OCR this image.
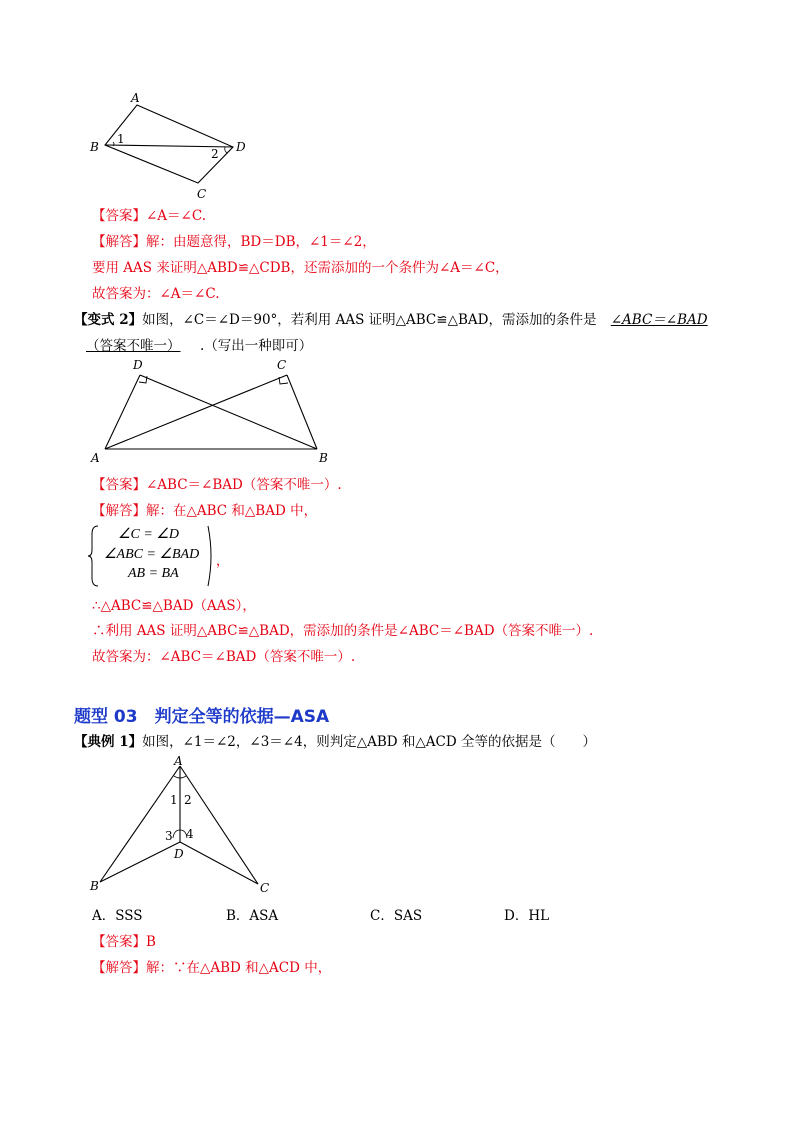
A
B
C
D
1
2
【答案】∠A＝∠C.
【解答】解：由题意得，BD＝DB，∠1＝∠2，
要用 AAS 来证明△ABD≌△CDB，还需添加的一个条件为∠A＝∠C，
故答案为：∠A＝∠C.
【变式 2】如图，∠C＝∠D＝90°，若利用 AAS 证明△ABC≌△BAD，需添加的条件是 ∠ABC＝∠BAD
（答案不唯一） .（写出一种即可）
D	C
A	B
【答案】∠ABC＝∠BAD（答案不唯一）.
【解答】解：在△ABC 和△BAD 中，
∠C = ∠D
∠ABC = ∠BAD
AB = BA
，
∴△ABC≌△BAD（AAS），
∴利用 AAS 证明△ABC≌△BAD，需添加的条件是∠ABC＝∠BAD（答案不唯一）.
故答案为：∠ABC＝∠BAD（答案不唯一）.
题型 03　判定全等的依据—ASA
【典例 1】如图，∠1＝∠2，∠3＝∠4，则判定△ABD 和△ACD 全等的依据是（　　）
A
B	C
D
1 2
3 4
A．SSS	B．ASA	C．SAS	D．HL
【答案】B
【解答】解：∵在△ABD 和△ACD 中，
